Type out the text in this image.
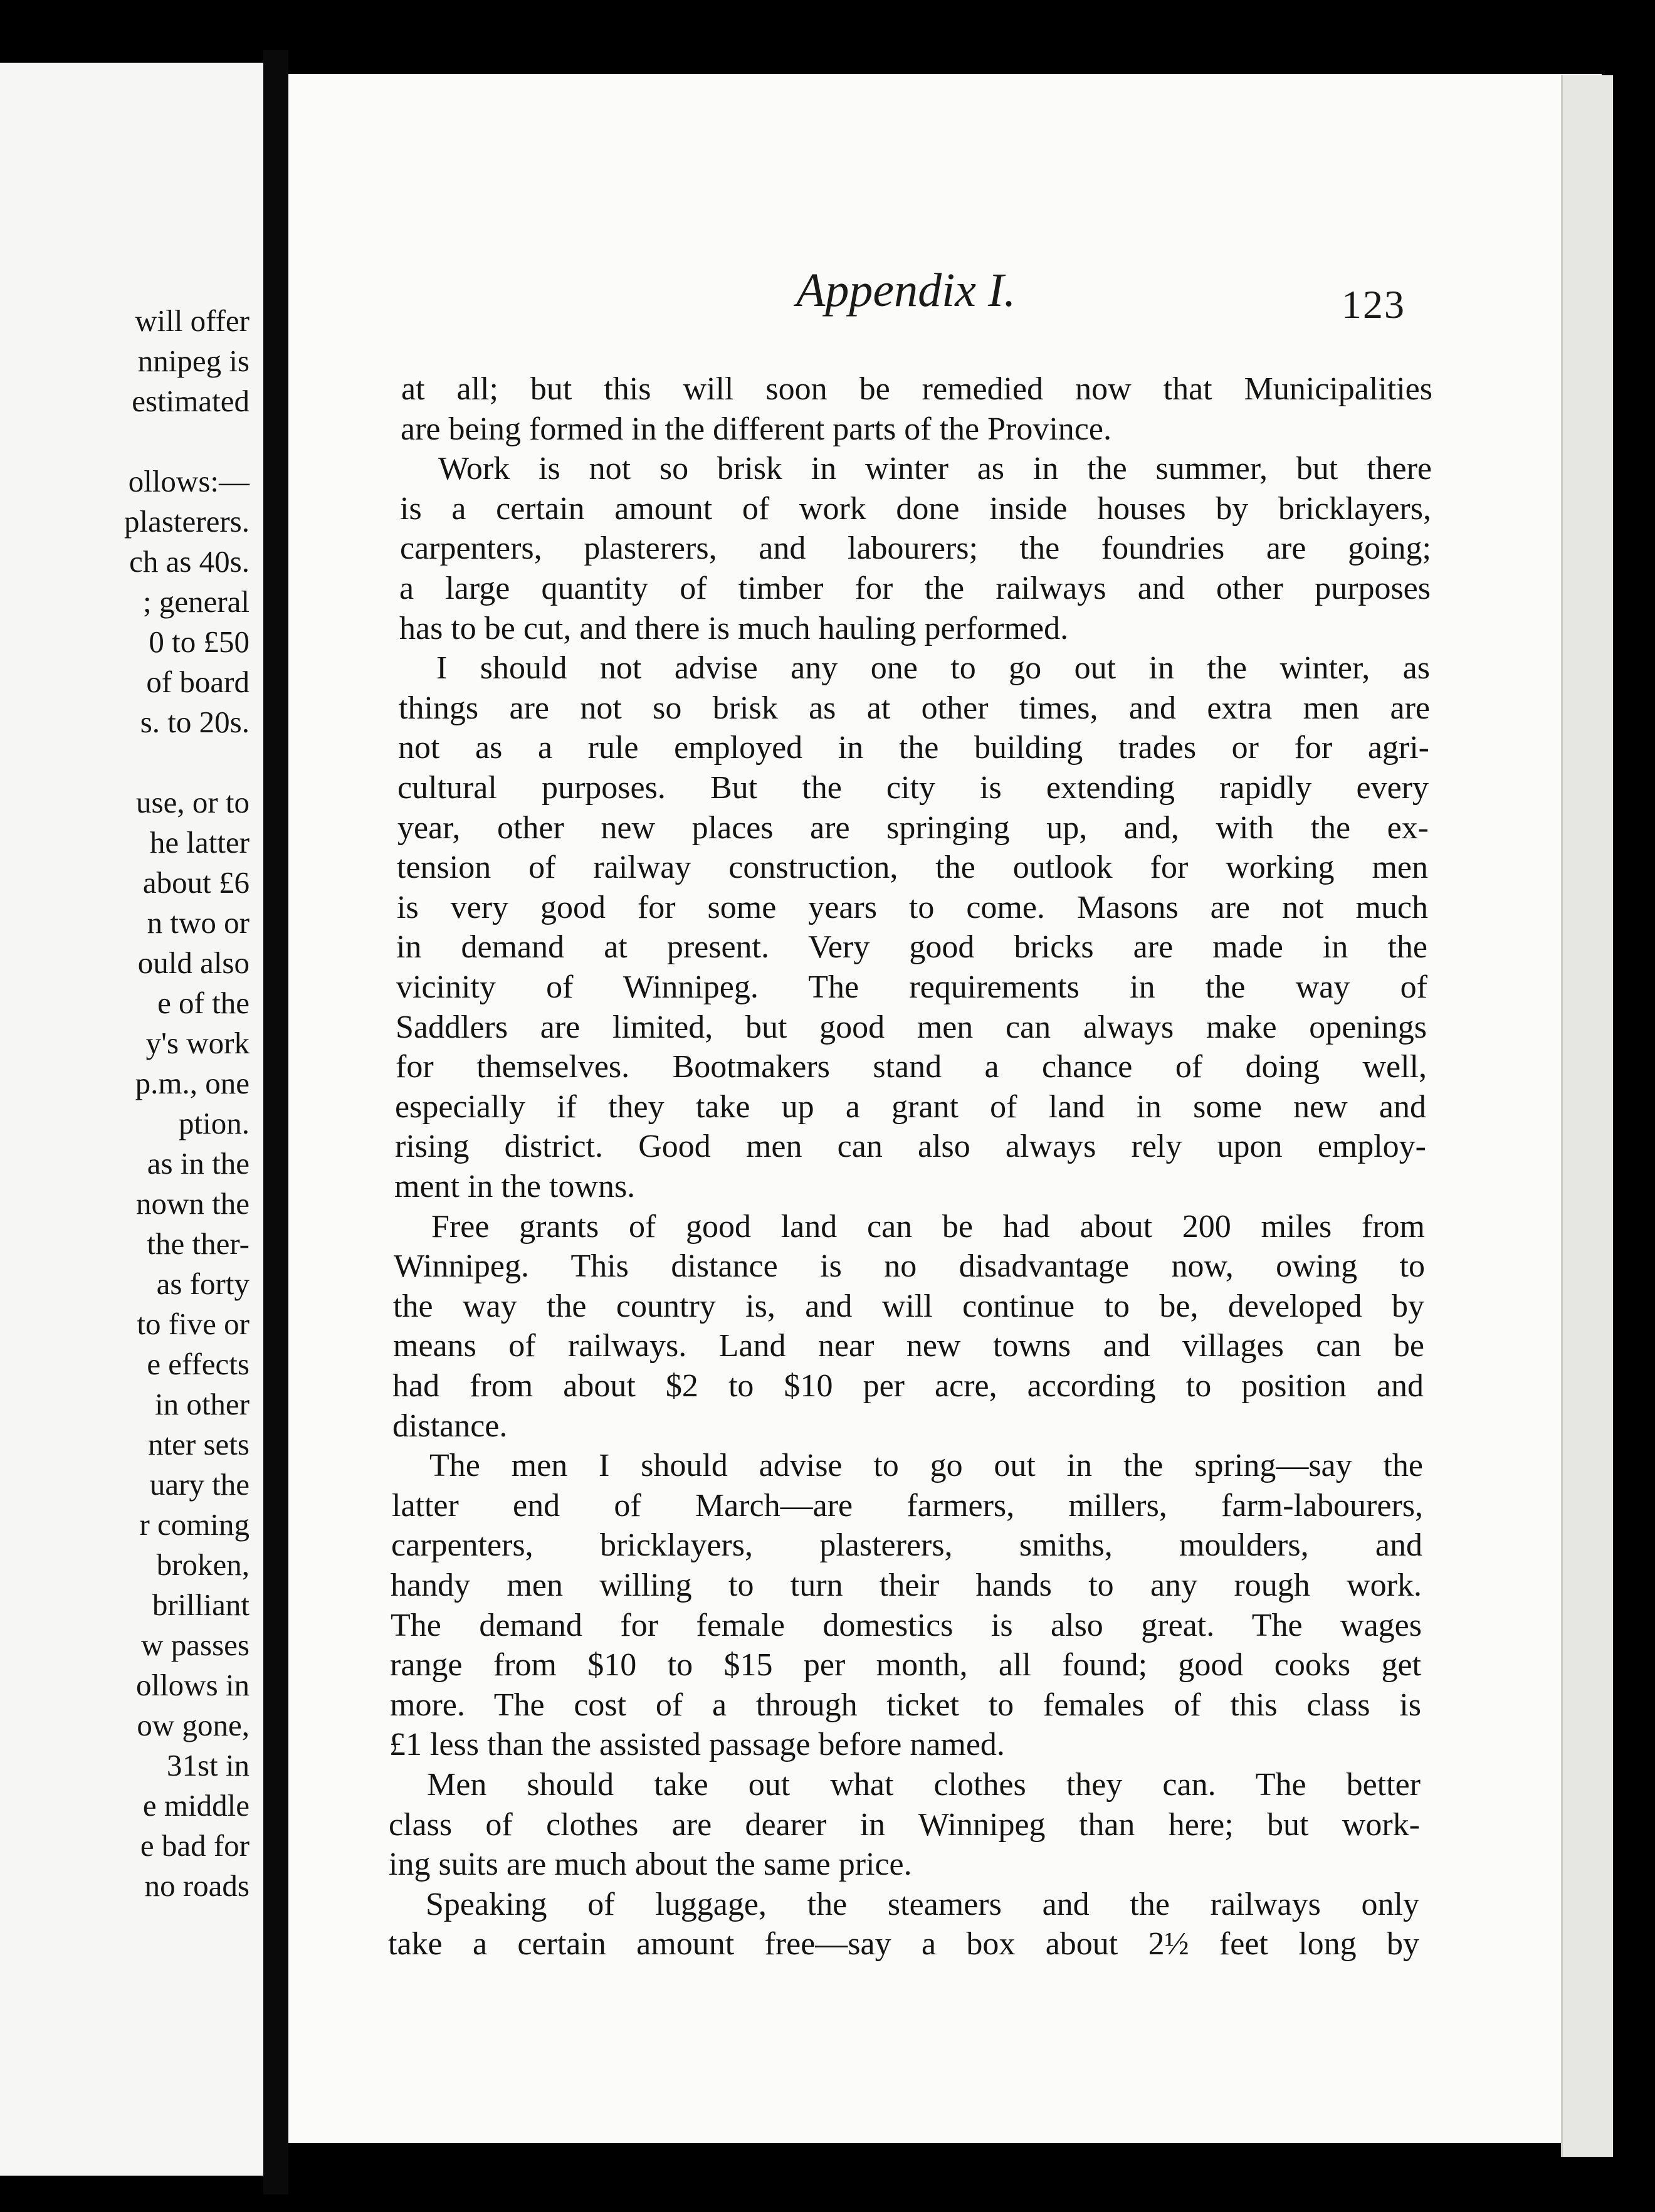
will offer
nnipeg is
estimated
ollows:—
plasterers.
ch as 40s.
; general
0 to £50
of board
s. to 20s.
use, or to
he latter
about £6
n two or
ould also
e of the
y's work
p.m., one
ption.
as in the
nown the
the ther-
as forty
to five or
e effects
in other
nter sets
uary the
r coming
broken,
brilliant
w passes
ollows in
ow gone,
31st in
e middle
e bad for
no roads
Appendix I.	123
at all; but this will soon be remedied now that Municipalities
are being formed in the different parts of the Province.
Work is not so brisk in winter as in the summer, but there
is a certain amount of work done inside houses by bricklayers,
carpenters, plasterers, and labourers; the foundries are going;
a large quantity of timber for the railways and other purposes
has to be cut, and there is much hauling performed.
I should not advise any one to go out in the winter, as
things are not so brisk as at other times, and extra men are
not as a rule employed in the building trades or for agri-
cultural purposes. But the city is extending rapidly every
year, other new places are springing up, and, with the ex-
tension of railway construction, the outlook for working men
is very good for some years to come. Masons are not much
in demand at present. Very good bricks are made in the
vicinity of Winnipeg. The requirements in the way of
Saddlers are limited, but good men can always make openings
for themselves. Bootmakers stand a chance of doing well,
especially if they take up a grant of land in some new and
rising district. Good men can also always rely upon employ-
ment in the towns.
Free grants of good land can be had about 200 miles from
Winnipeg. This distance is no disadvantage now, owing to
the way the country is, and will continue to be, developed by
means of railways. Land near new towns and villages can be
had from about $2 to $10 per acre, according to position and
distance.
The men I should advise to go out in the spring—say the
latter end of March—are farmers, millers, farm-labourers,
carpenters, bricklayers, plasterers, smiths, moulders, and
handy men willing to turn their hands to any rough work.
The demand for female domestics is also great. The wages
range from $10 to $15 per month, all found; good cooks get
more. The cost of a through ticket to females of this class is
£1 less than the assisted passage before named.
Men should take out what clothes they can. The better
class of clothes are dearer in Winnipeg than here; but work-
ing suits are much about the same price.
Speaking of luggage, the steamers and the railways only
take a certain amount free—say a box about 2½ feet long by
